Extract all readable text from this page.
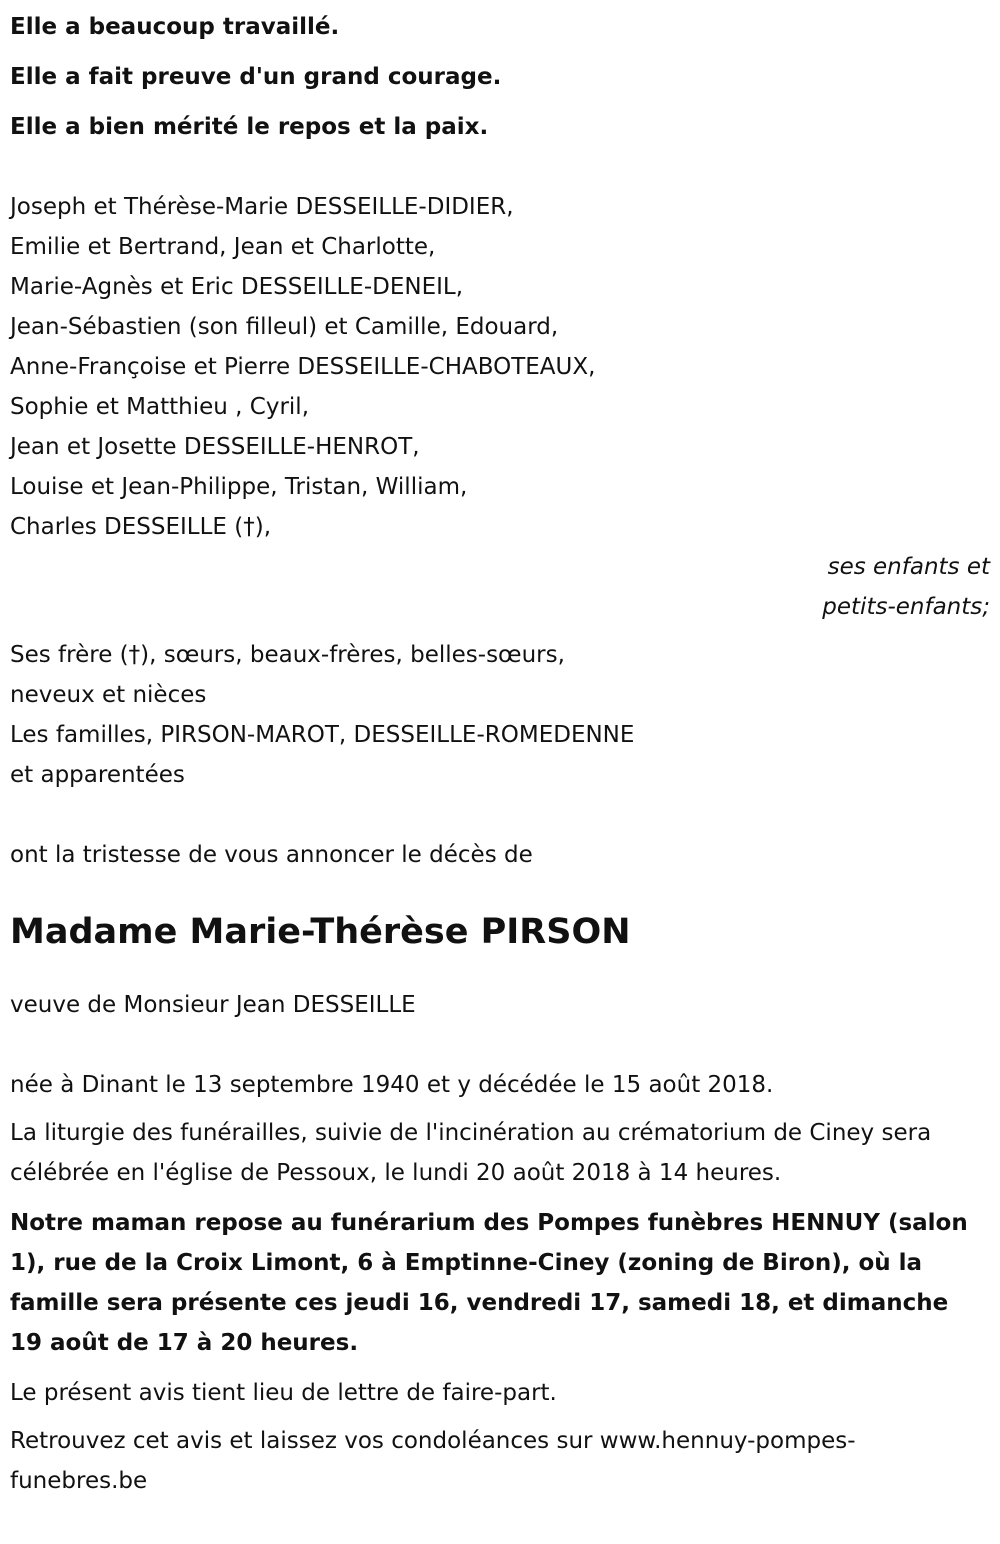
Elle a beaucoup travaillé.
Elle a fait preuve d'un grand courage.
Elle a bien mérité le repos et la paix.
Joseph et Thérèse-Marie DESSEILLE-DIDIER,
Emilie et Bertrand, Jean et Charlotte,
Marie-Agnès et Eric DESSEILLE-DENEIL,
Jean-Sébastien (son filleul) et Camille, Edouard,
Anne-Françoise et Pierre DESSEILLE-CHABOTEAUX,
Sophie et Matthieu , Cyril,
Jean et Josette DESSEILLE-HENROT,
Louise et Jean-Philippe, Tristan, William,
Charles DESSEILLE (†),
ses enfants et
petits-enfants;
Ses frère (†), sœurs, beaux-frères, belles-sœurs,
neveux et nièces
Les familles, PIRSON-MAROT, DESSEILLE-ROMEDENNE
et apparentées
ont la tristesse de vous annoncer le décès de
Madame Marie-Thérèse PIRSON
veuve de Monsieur Jean DESSEILLE
née à Dinant le 13 septembre 1940 et y décédée le 15 août 2018.
La liturgie des funérailles, suivie de l'incinération au crématorium de Ciney sera célébrée en l'église de Pessoux, le lundi 20 août 2018 à 14 heures.
Notre maman repose au funérarium des Pompes funèbres HENNUY (salon 1), rue de la Croix Limont, 6 à Emptinne-Ciney (zoning de Biron), où la famille sera présente ces jeudi 16, vendredi 17, samedi 18, et dimanche 19 août de 17 à 20 heures.
Le présent avis tient lieu de lettre de faire-part.
Retrouvez cet avis et laissez vos condoléances sur www.hennuy-pompes-funebres.be
